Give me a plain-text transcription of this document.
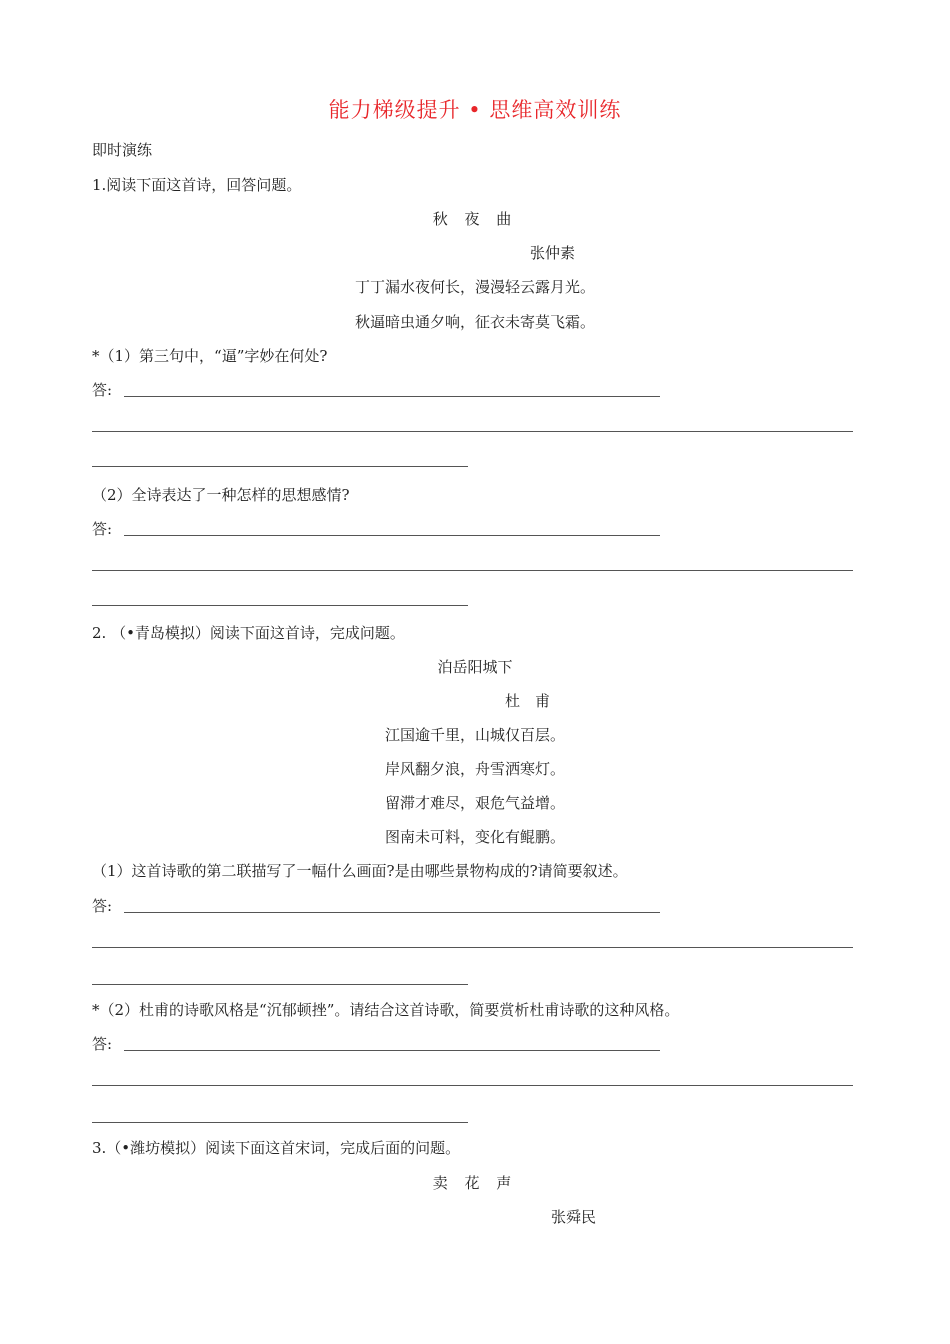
能力梯级提升 • 思维高效训练
即时演练
1.阅读下面这首诗，回答问题。
秋 夜 曲
张仲素
丁丁漏水夜何长，漫漫轻云露月光。
秋逼暗虫通夕响，征衣未寄莫飞霜。
*（1）第三句中，“逼”字妙在何处?
答:
（2）全诗表达了一种怎样的思想感情?
答:
2. （•青岛模拟）阅读下面这首诗，完成问题。
泊岳阳城下
杜　甫
江国逾千里，山城仅百层。
岸风翻夕浪，舟雪洒寒灯。
留滞才难尽，艰危气益增。
图南未可料，变化有鲲鹏。
（1）这首诗歌的第二联描写了一幅什么画面?是由哪些景物构成的?请简要叙述。
答:
*（2）杜甫的诗歌风格是“沉郁顿挫”。请结合这首诗歌，简要赏析杜甫诗歌的这种风格。
答:
3.（•潍坊模拟）阅读下面这首宋词，完成后面的问题。
卖 花 声
张舜民
